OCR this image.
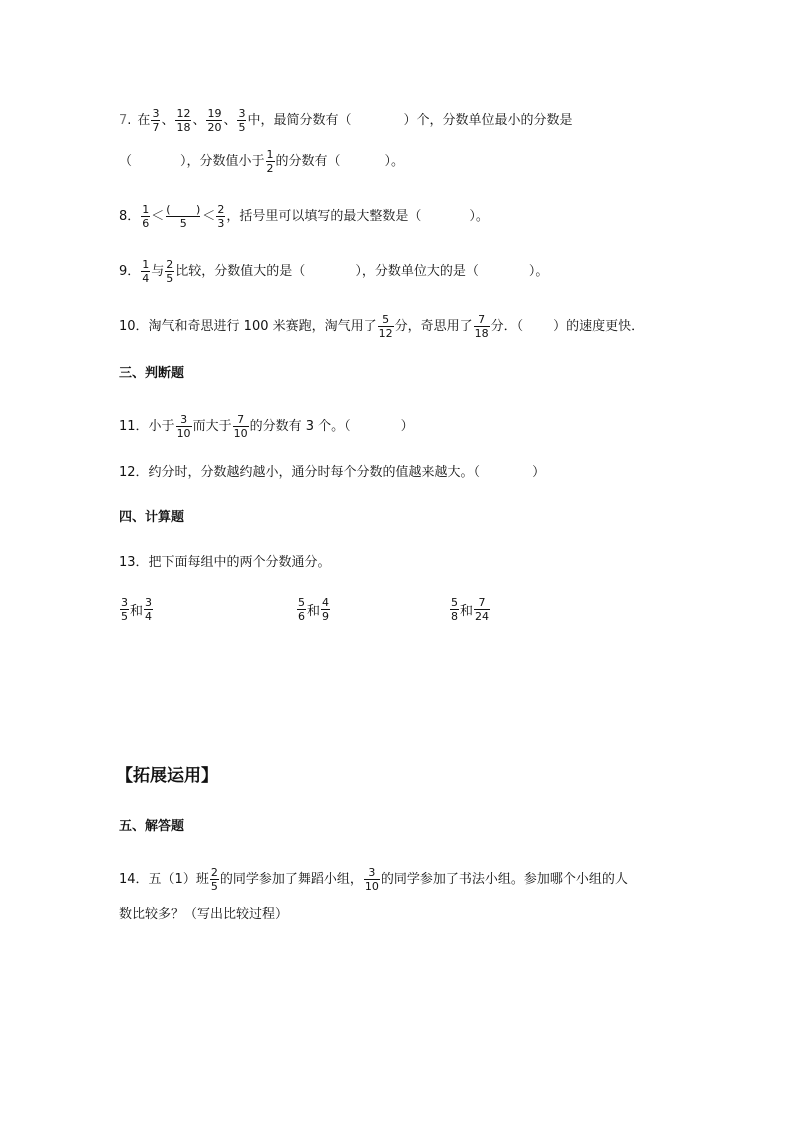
7 . 在 $\frac{3}{7}$ 、 $\frac{12}{18}$ 、 $\frac{19}{20}$ 、 $\frac{3}{5}$ 中，最简分数有（	）个，分数单位最小的分数是
（	），分数值小于 $\frac{1}{2}$ 的分数有（	）。
8． $\frac{1}{6} < \frac{( )}{5} < \frac{2}{3}$ ，括号里可以填写的最大整数是（	）。
9． $\frac{1}{4}$ 与 $\frac{2}{5}$ 比较，分数值大的是（	），分数单位大的是（	）。
10． 淘气和奇思进行 100 米赛跑，淘气用了 $\frac{5}{12}$ 分，奇思用了 $\frac{7}{18}$ 分．（ ）的速度更快．
三、判断题
11． 小于 $\frac{3}{10}$ 而大于 $\frac{7}{10}$ 的分数有 3 个。（	）
12． 约分时，分数越约越小，通分时每个分数的值越来越大。（	）
四、计算题
13． 把下面每组中的两个分数通分。
$\frac{3}{5}$ 和 $\frac{3}{4}$	$\frac{5}{6}$ 和 $\frac{4}{9}$	$\frac{5}{8}$ 和 $\frac{7}{24}$
【拓展运用】
五、解答题
14． 五（1）班 $\frac{2}{5}$ 的同学参加了舞蹈小组， $\frac{3}{10}$ 的同学参加了书法小组。参加哪个小组的人
数比较多？（写出比较过程）
